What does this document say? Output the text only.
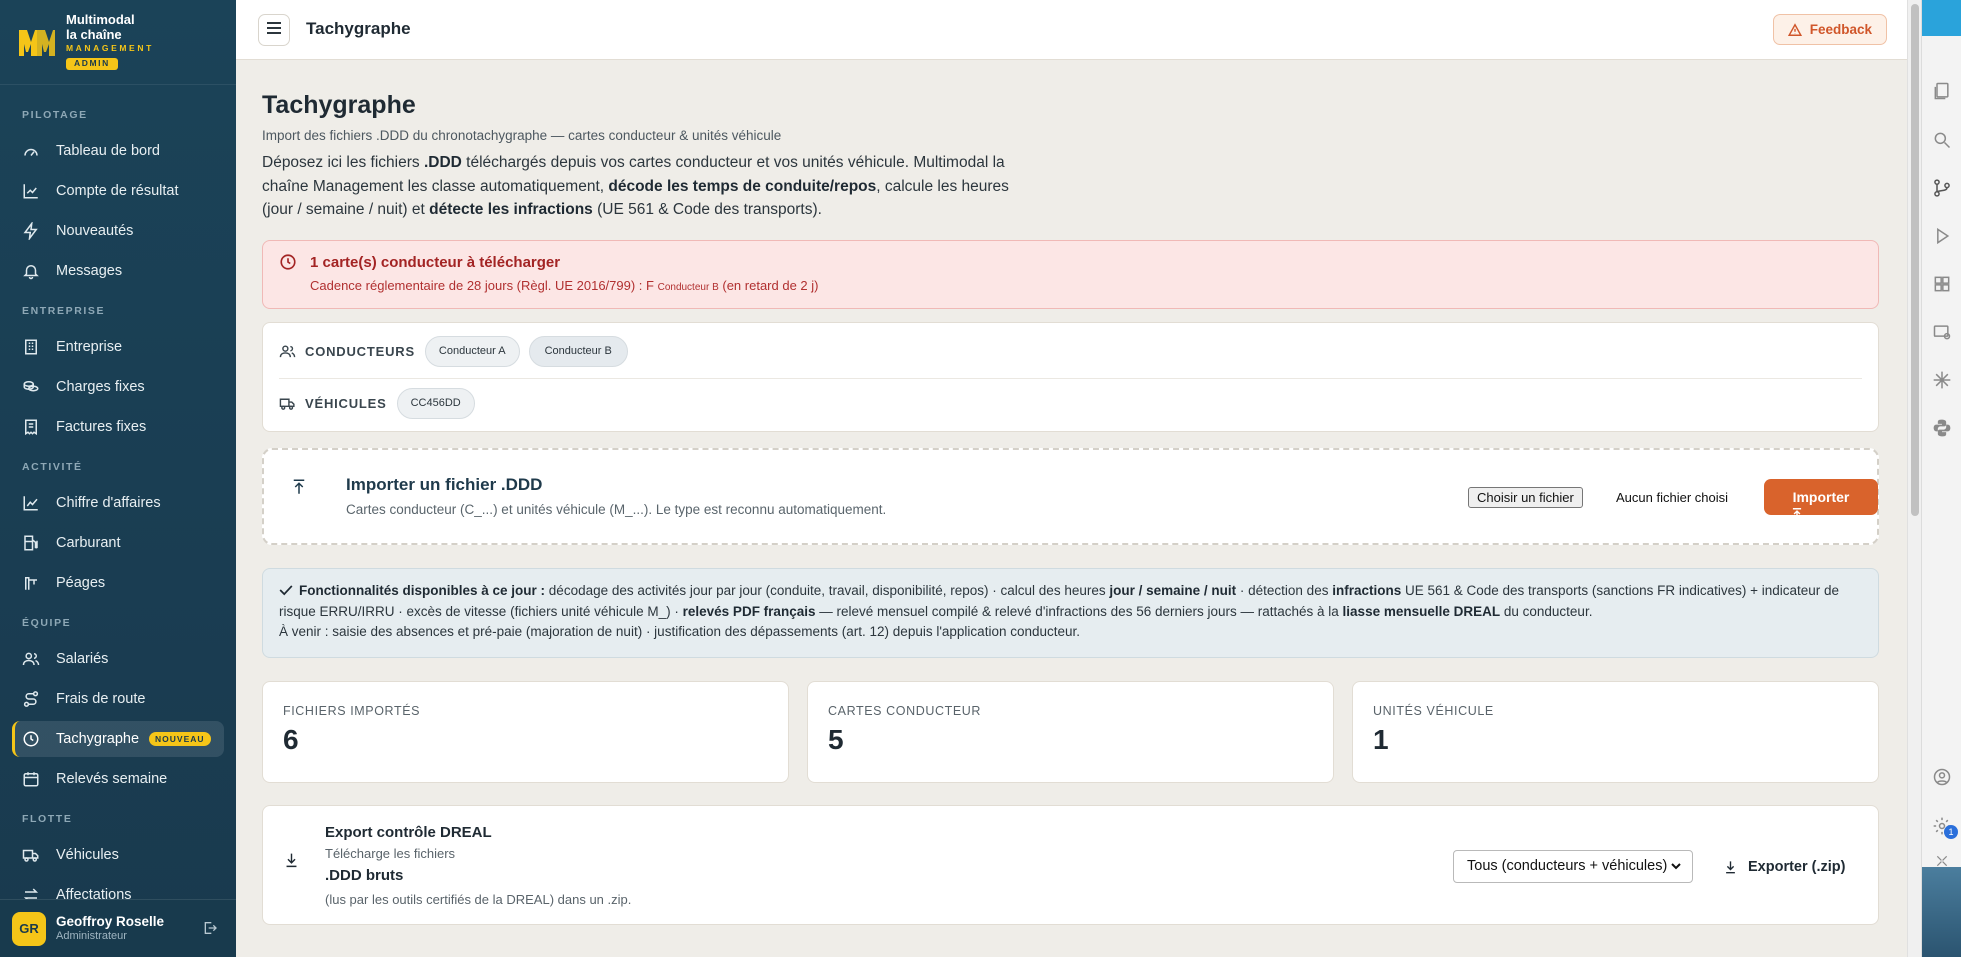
Multimodal
la chaîne
MANAGEMENT
ADMIN
PILOTAGE
Tableau de bord
Compte de résultat
Nouveautés
Messages
ENTREPRISE
Entreprise
Charges fixes
Factures fixes
ACTIVITÉ
Chiffre d'affaires
Carburant
Péages
ÉQUIPE
Salariés
Frais de route
Tachygraphe	NOUVEAU
Relevés semaine
FLOTTE
Véhicules
Affectations
GR	Geoffroy Roselle
Administrateur
Tachygraphe	Feedback
Tachygraphe
Import des fichiers .DDD du chronotachygraphe — cartes conducteur & unités véhicule

Déposez ici les fichiers .DDD téléchargés depuis vos cartes conducteur et vos unités véhicule. Multimodal la chaîne Management les classe automatiquement, décode les temps de conduite/repos, calcule les heures (jour / semaine / nuit) et détecte les infractions (UE 561 & Code des transports).

1 carte(s) conducteur à télécharger
Cadence réglementaire de 28 jours (Règl. UE 2016/799) : F Conducteur B (en retard de 2 j)
CONDUCTEURS	Conducteur A	Conducteur B
VÉHICULES	CC456DD
Importer un fichier .DDD
Cartes conducteur (C_...) et unités véhicule (M_...). Le type est reconnu automatiquement.
Choisir un fichier	Aucun fichier choisi	Importer
Fonctionnalités disponibles à ce jour : décodage des activités jour par jour (conduite, travail, disponibilité, repos) · calcul des heures jour / semaine / nuit · détection des infractions UE 561 & Code des transports (sanctions FR indicatives) + indicateur de risque ERRU/IRRU · excès de vitesse (fichiers unité véhicule M_) · relevés PDF français — relevé mensuel compilé & relevé d'infractions des 56 derniers jours — rattachés à la liasse mensuelle DREAL du conducteur.
À venir : saisie des absences et pré-paie (majoration de nuit) · justification des dépassements (art. 12) depuis l'application conducteur.
FICHIERS IMPORTÉS
6
CARTES CONDUCTEUR
5
UNITÉS VÉHICULE
1
Export contrôle DREAL
Télécharge les fichiers
.DDD bruts
(lus par les outils certifiés de la DREAL) dans un .zip.
Tous (conducteurs + véhicules)	Exporter (.zip)
1
